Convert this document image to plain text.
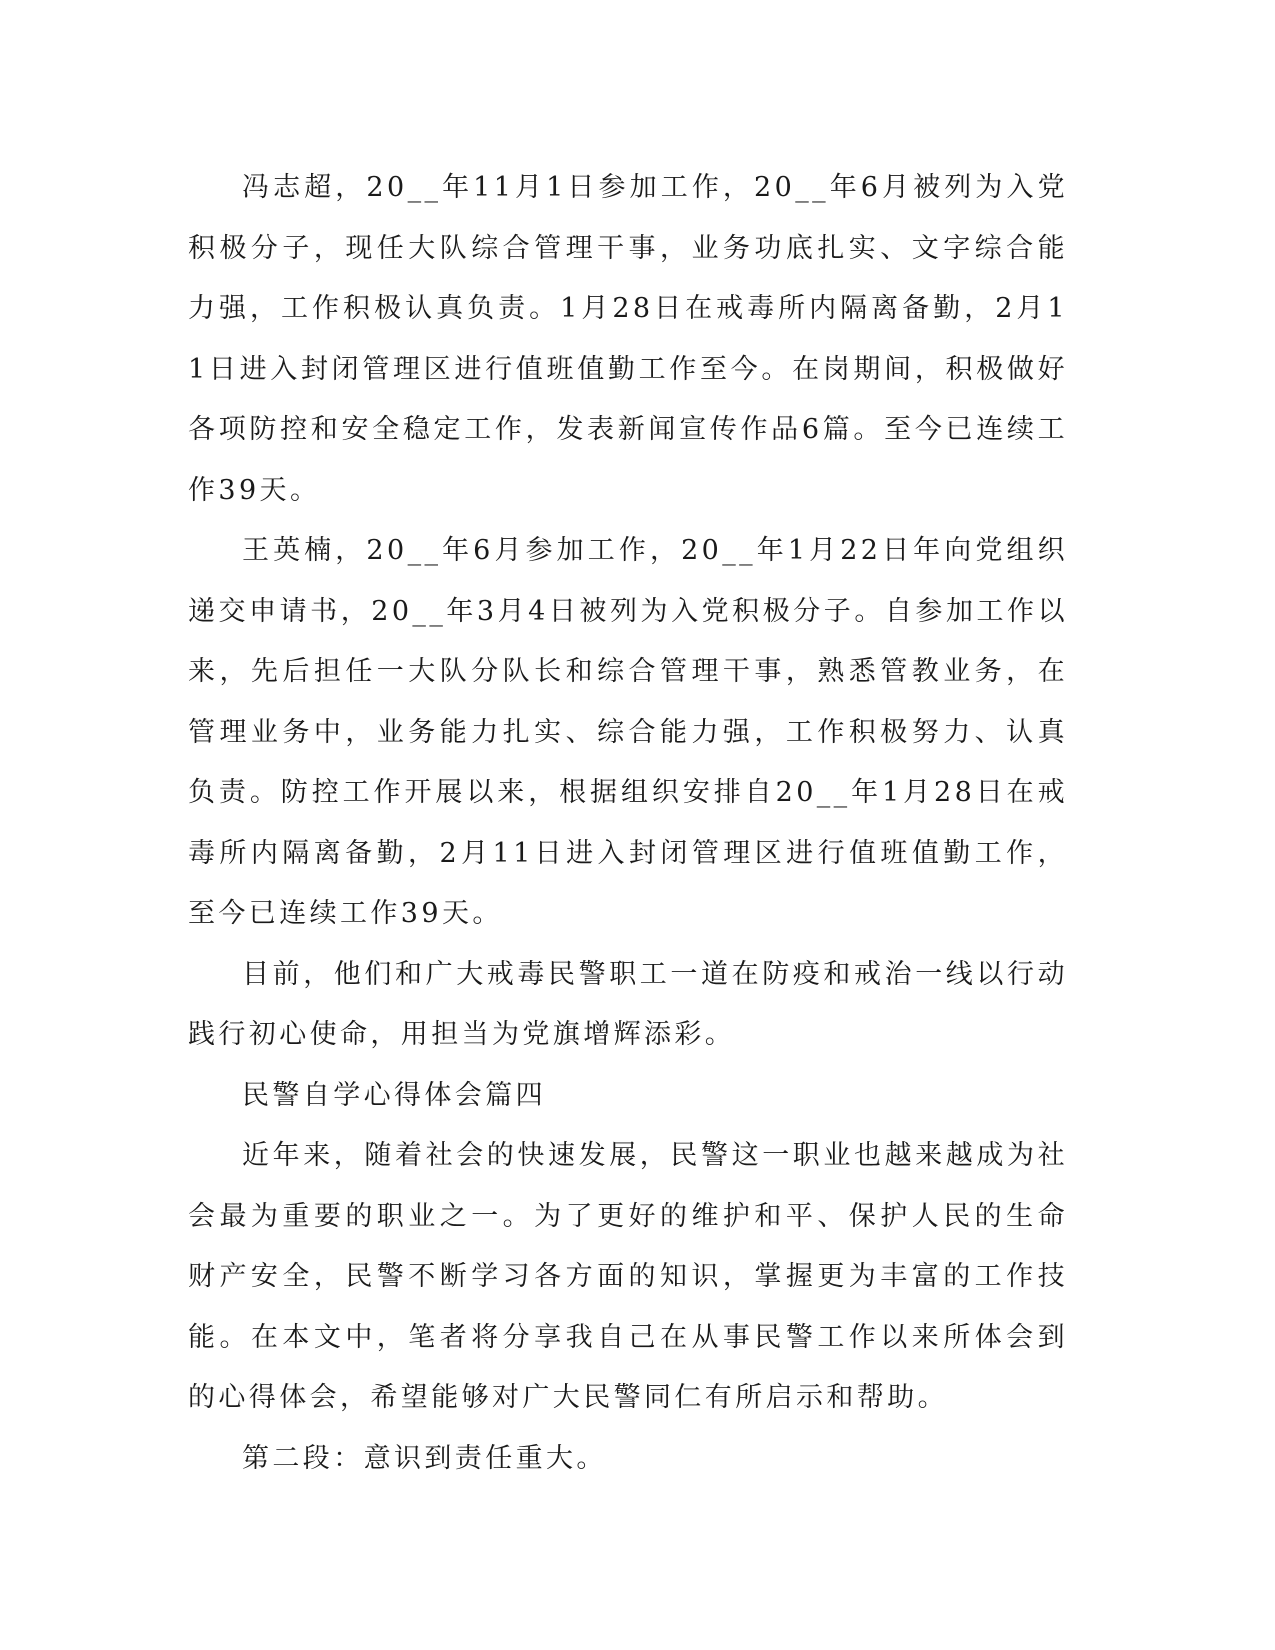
冯志超，20__年11月1日参加工作，20__年6月被列为入党积极分子，现任大队综合管理干事，业务功底扎实、文字综合能力强，工作积极认真负责。1月28日在戒毒所内隔离备勤，2月11日进入封闭管理区进行值班值勤工作至今。在岗期间，积极做好各项防控和安全稳定工作，发表新闻宣传作品6篇。至今已连续工作39天。

王英楠，20__年6月参加工作，20__年1月22日年向党组织递交申请书，20__年3月4日被列为入党积极分子。自参加工作以来，先后担任一大队分队长和综合管理干事，熟悉管教业务，在管理业务中，业务能力扎实、综合能力强，工作积极努力、认真负责。防控工作开展以来，根据组织安排自20__年1月28日在戒毒所内隔离备勤，2月11日进入封闭管理区进行值班值勤工作，至今已连续工作39天。

目前，他们和广大戒毒民警职工一道在防疫和戒治一线以行动践行初心使命，用担当为党旗增辉添彩。

民警自学心得体会篇四

近年来，随着社会的快速发展，民警这一职业也越来越成为社会最为重要的职业之一。为了更好的维护和平、保护人民的生命财产安全，民警不断学习各方面的知识，掌握更为丰富的工作技能。在本文中，笔者将分享我自己在从事民警工作以来所体会到的心得体会，希望能够对广大民警同仁有所启示和帮助。

第二段：意识到责任重大。
